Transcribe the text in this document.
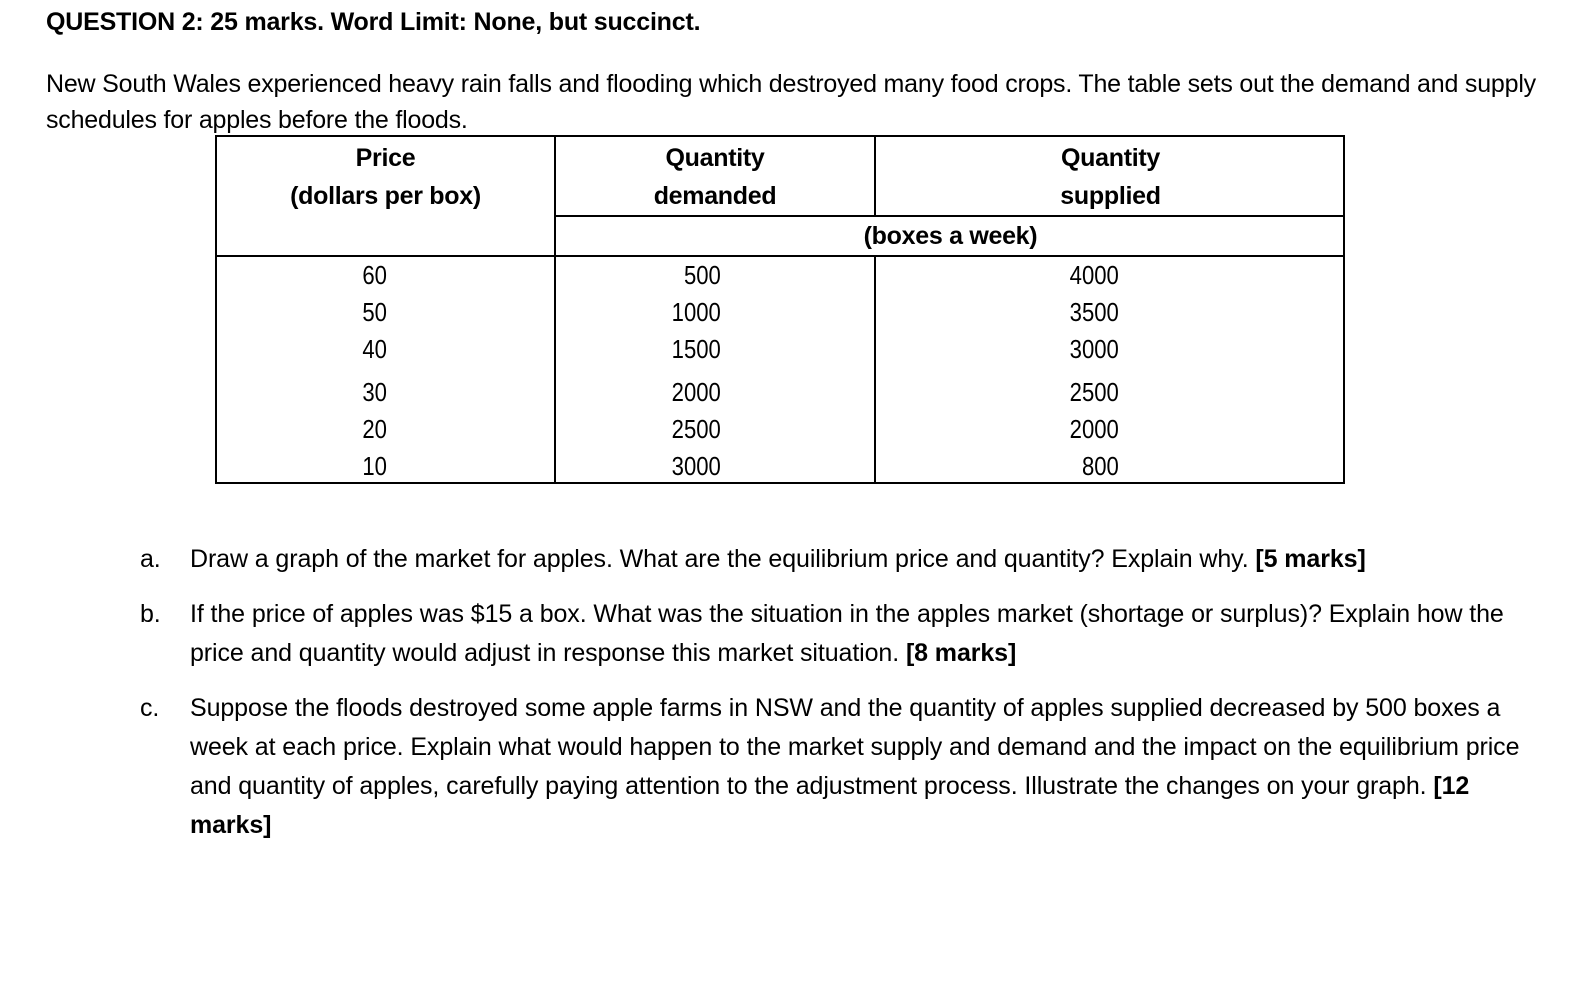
QUESTION 2: 25 marks. Word Limit: None, but succinct.
New South Wales experienced heavy rain falls and flooding which destroyed many food crops. The table sets out the demand and supply schedules for apples before the floods.
Price
(dollars per box)
Quantity
demanded
Quantity
supplied
(boxes a week)
60
50
40
30
20
10
500
1000
1500
2000
2500
3000
4000
3500
3000
2500
2000
800
a. Draw a graph of the market for apples. What are the equilibrium price and quantity? Explain why. [5 marks]
b. If the price of apples was $15 a box. What was the situation in the apples market (shortage or surplus)? Explain how the price and quantity would adjust in response this market situation. [8 marks]
c. Suppose the floods destroyed some apple farms in NSW and the quantity of apples supplied decreased by 500 boxes a week at each price. Explain what would happen to the market supply and demand and the impact on the equilibrium price and quantity of apples, carefully paying attention to the adjustment process. Illustrate the changes on your graph. [12 marks]
